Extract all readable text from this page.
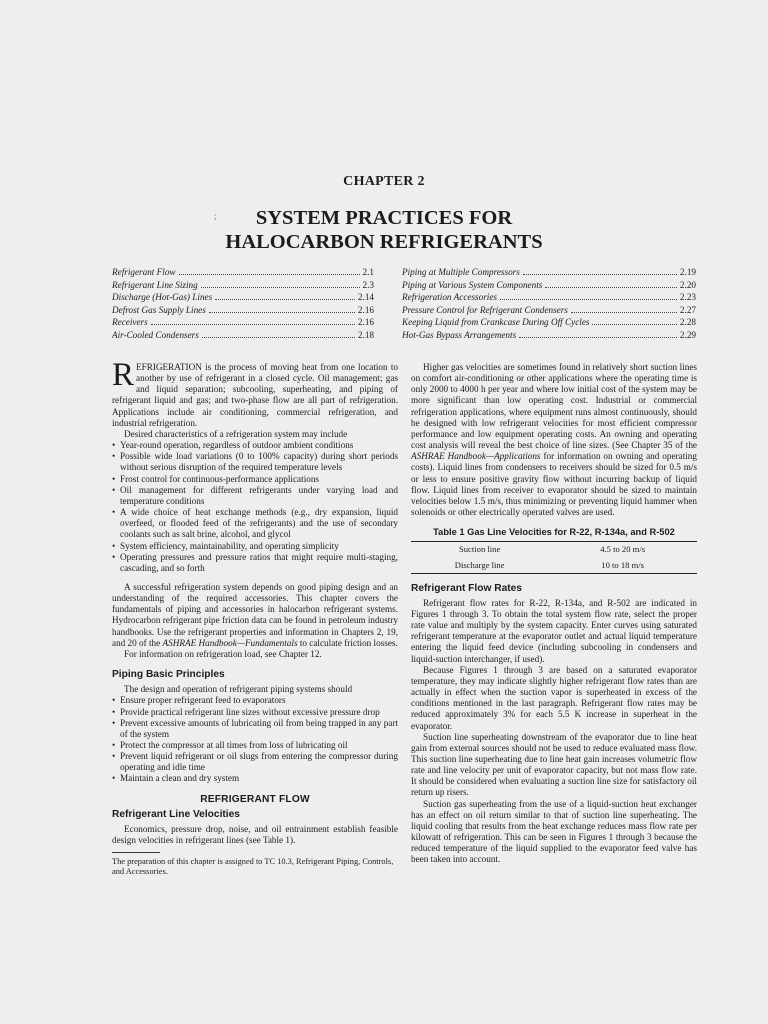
CHAPTER 2
;	SYSTEM PRACTICES FOR
HALOCARBON REFRIGERANTS
Refrigerant Flow	2.1
Refrigerant Line Sizing	2.3
Discharge (Hot-Gas) Lines	2.14
Defrost Gas Supply Lines	2.16
Receivers	2.16
Air-Cooled Condensers	2.18
Piping at Multiple Compressors	2.19
Piping at Various System Components	2.20
Refrigeration Accessories	2.23
Pressure Control for Refrigerant Condensers	2.27
Keeping Liquid from Crankcase During Off Cycles	2.28
Hot-Gas Bypass Arrangements	2.29

REFRIGERATION is the process of moving heat from one location to another by use of refrigerant in a closed cycle. Oil management; gas and liquid separation; subcooling, superheating, and piping of refrigerant liquid and gas; and two-phase flow are all part of refrigeration. Applications include air conditioning, commercial refrigeration, and industrial refrigeration.

Desired characteristics of a refrigeration system may include

• Year-round operation, regardless of outdoor ambient conditions
• Possible wide load variations (0 to 100% capacity) during short periods without serious disruption of the required temperature levels
• Frost control for continuous-performance applications
• Oil management for different refrigerants under varying load and temperature conditions
• A wide choice of heat exchange methods (e.g., dry expansion, liquid overfeed, or flooded feed of the refrigerants) and the use of secondary coolants such as salt brine, alcohol, and glycol
• System efficiency, maintainability, and operating simplicity
• Operating pressures and pressure ratios that might require multi-staging, cascading, and so forth

A successful refrigeration system depends on good piping design and an understanding of the required accessories. This chapter covers the fundamentals of piping and accessories in halocarbon refrigerant systems. Hydrocarbon refrigerant pipe friction data can be found in petroleum industry handbooks. Use the refrigerant properties and information in Chapters 2, 19, and 20 of the ASHRAE Handbook—Fundamentals to calculate friction losses.

For information on refrigeration load, see Chapter 12.

Piping Basic Principles

The design and operation of refrigerant piping systems should

• Ensure proper refrigerant feed to evaporators
• Provide practical refrigerant line sizes without excessive pressure drop
• Prevent excessive amounts of lubricating oil from being trapped in any part of the system
• Protect the compressor at all times from loss of lubricating oil
• Prevent liquid refrigerant or oil slugs from entering the compressor during operating and idle time
• Maintain a clean and dry system
REFRIGERANT FLOW
Refrigerant Line Velocities

Economics, pressure drop, noise, and oil entrainment establish feasible design velocities in refrigerant lines (see Table 1).

The preparation of this chapter is assigned to TC 10.3, Refrigerant Piping, Controls, and Accessories.

Higher gas velocities are sometimes found in relatively short suction lines on comfort air-conditioning or other applications where the operating time is only 2000 to 4000 h per year and where low initial cost of the system may be more significant than low operating cost. Industrial or commercial refrigeration applications, where equipment runs almost continuously, should be designed with low refrigerant velocities for most efficient compressor performance and low equipment operating costs. An owning and operating cost analysis will reveal the best choice of line sizes. (See Chapter 35 of the ASHRAE Handbook—Applications for information on owning and operating costs). Liquid lines from condensers to receivers should be sized for 0.5 m/s or less to ensure positive gravity flow without incurring backup of liquid flow. Liquid lines from receiver to evaporator should be sized to maintain velocities below 1.5 m/s, thus minimizing or preventing liquid hammer when solenoids or other electrically operated valves are used.

Table 1 Gas Line Velocities for R-22, R-134a, and R-502
Suction line	4.5 to 20 m/s
Discharge line	10 to 18 m/s
Refrigerant Flow Rates

Refrigerant flow rates for R-22, R-134a, and R-502 are indicated in Figures 1 through 3. To obtain the total system flow rate, select the proper rate value and multiply by the system capacity. Enter curves using saturated refrigerant temperature at the evaporator outlet and actual liquid temperature entering the liquid feed device (including subcooling in condensers and liquid-suction interchanger, if used).

Because Figures 1 through 3 are based on a saturated evaporator temperature, they may indicate slightly higher refrigerant flow rates than are actually in effect when the suction vapor is superheated in excess of the conditions mentioned in the last paragraph. Refrigerant flow rates may be reduced approximately 3% for each 5.5 K increase in superheat in the evaporator.

Suction line superheating downstream of the evaporator due to line heat gain from external sources should not be used to reduce evaluated mass flow. This suction line superheating due to line heat gain increases volumetric flow rate and line velocity per unit of evaporator capacity, but not mass flow rate. It should be considered when evaluating a suction line size for satisfactory oil return up risers.

Suction gas superheating from the use of a liquid-suction heat exchanger has an effect on oil return similar to that of suction line superheating. The liquid cooling that results from the heat exchange reduces mass flow rate per kilowatt of refrigeration. This can be seen in Figures 1 through 3 because the reduced temperature of the liquid supplied to the evaporator feed valve has been taken into account.
